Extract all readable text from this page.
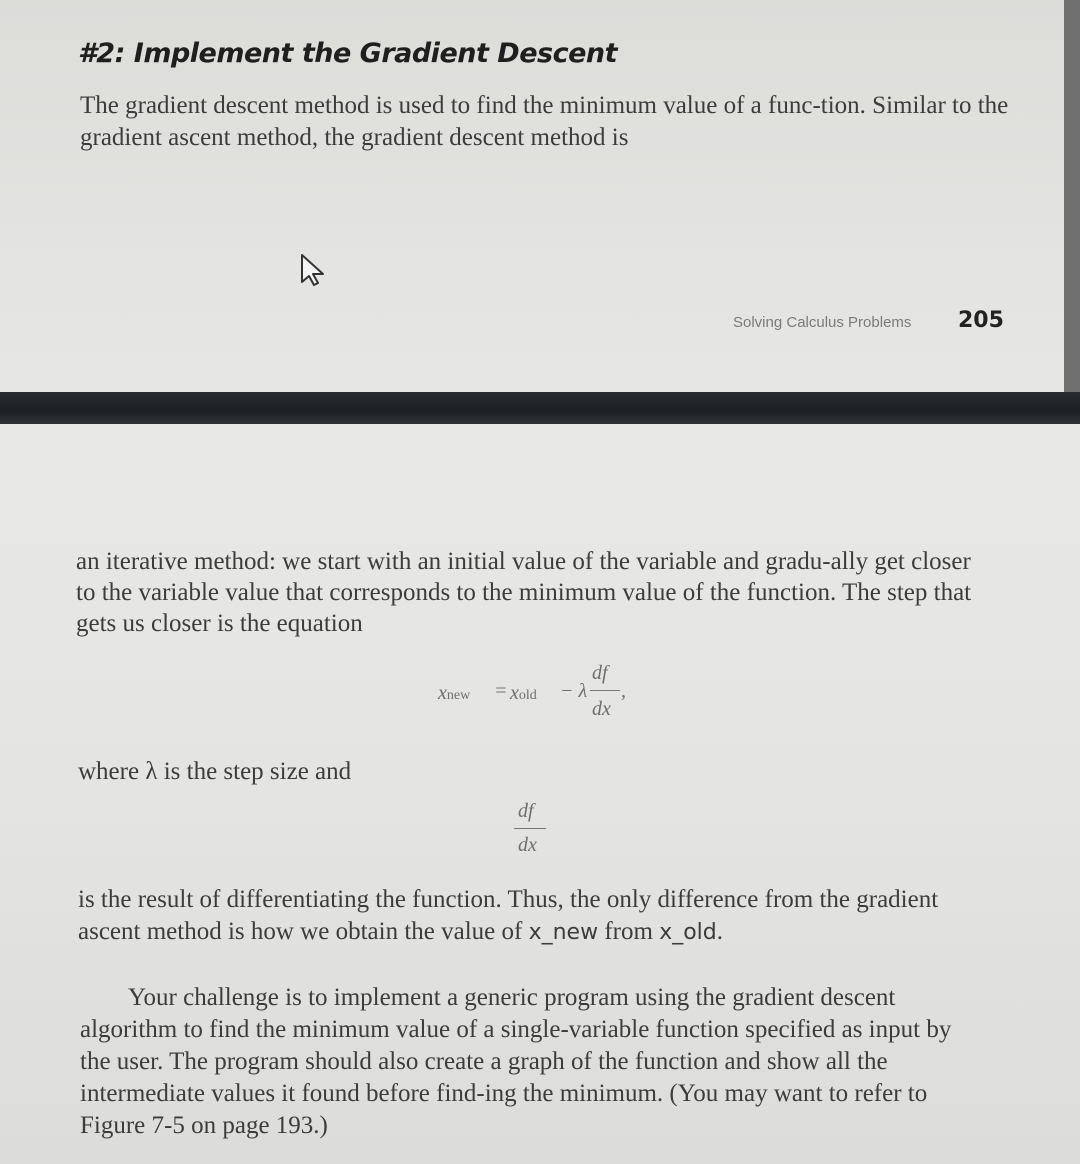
#2: Implement the Gradient Descent

The gradient descent method is used to find the minimum value of a func-tion. Similar to the gradient ascent method, the gradient descent method is

Solving Calculus Problems 205

an iterative method: we start with an initial value of the variable and gradu-ally get closer to the variable value that corresponds to the minimum value of the function. The step that gets us closer is the equation

xnew = xold − λ
df
dx
,

where λ is the step size and

df
dx

is the result of differentiating the function. Thus, the only difference from the gradient ascent method is how we obtain the value of x_new from x_old.

Your challenge is to implement a generic program using the gradient descent algorithm to find the minimum value of a single-variable function specified as input by the user. The program should also create a graph of the function and show all the intermediate values it found before find-ing the minimum. (You may want to refer to Figure 7-5 on page 193.)
